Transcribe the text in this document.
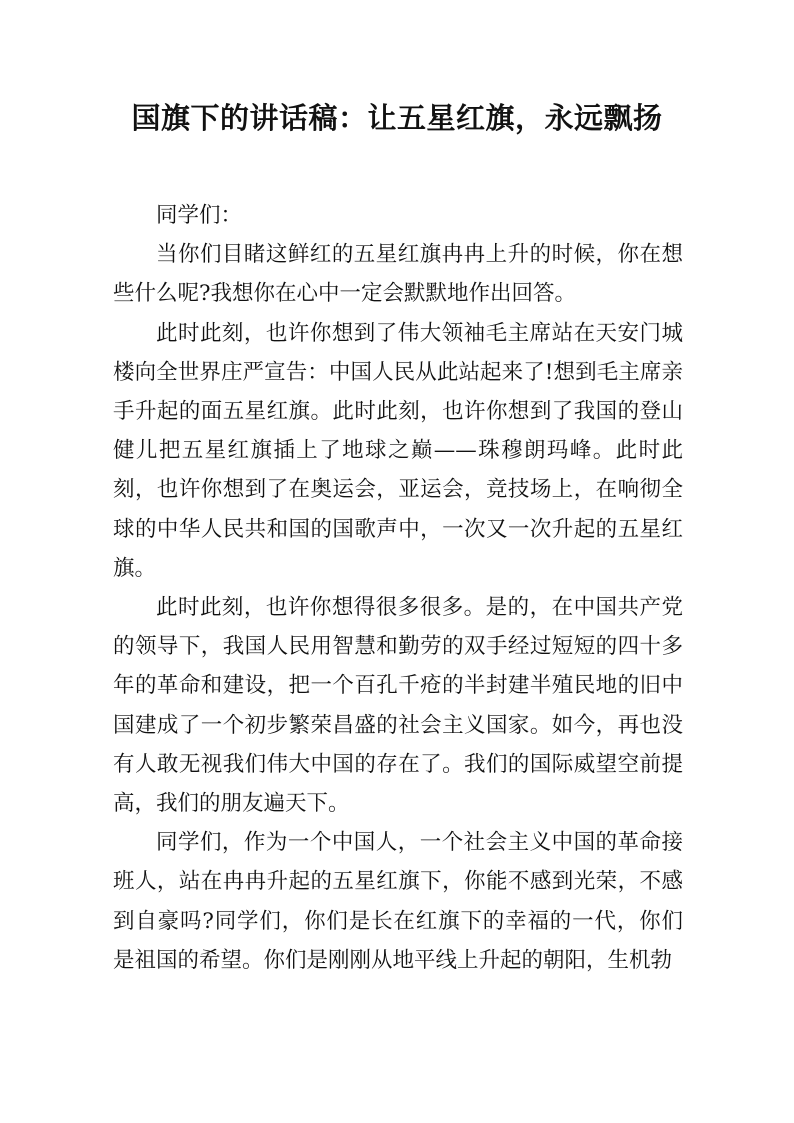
国旗下的讲话稿：让五星红旗，永远飘扬

同学们：

当你们目睹这鲜红的五星红旗冉冉上升的时候，你在想些什么呢?我想你在心中一定会默默地作出回答。

此时此刻，也许你想到了伟大领袖毛主席站在天安门城楼向全世界庄严宣告：中国人民从此站起来了!想到毛主席亲手升起的面五星红旗。此时此刻，也许你想到了我国的登山健儿把五星红旗插上了地球之巅——珠穆朗玛峰。此时此刻，也许你想到了在奥运会，亚运会，竞技场上，在响彻全球的中华人民共和国的国歌声中，一次又一次升起的五星红旗。

此时此刻，也许你想得很多很多。是的，在中国共产党的领导下，我国人民用智慧和勤劳的双手经过短短的四十多年的革命和建设，把一个百孔千疮的半封建半殖民地的旧中国建成了一个初步繁荣昌盛的社会主义国家。如今，再也没有人敢无视我们伟大中国的存在了。我们的国际威望空前提高，我们的朋友遍天下。

同学们，作为一个中国人，一个社会主义中国的革命接班人，站在冉冉升起的五星红旗下，你能不感到光荣，不感到自豪吗?同学们，你们是长在红旗下的幸福的一代，你们是祖国的希望。你们是刚刚从地平线上升起的朝阳，生机勃
